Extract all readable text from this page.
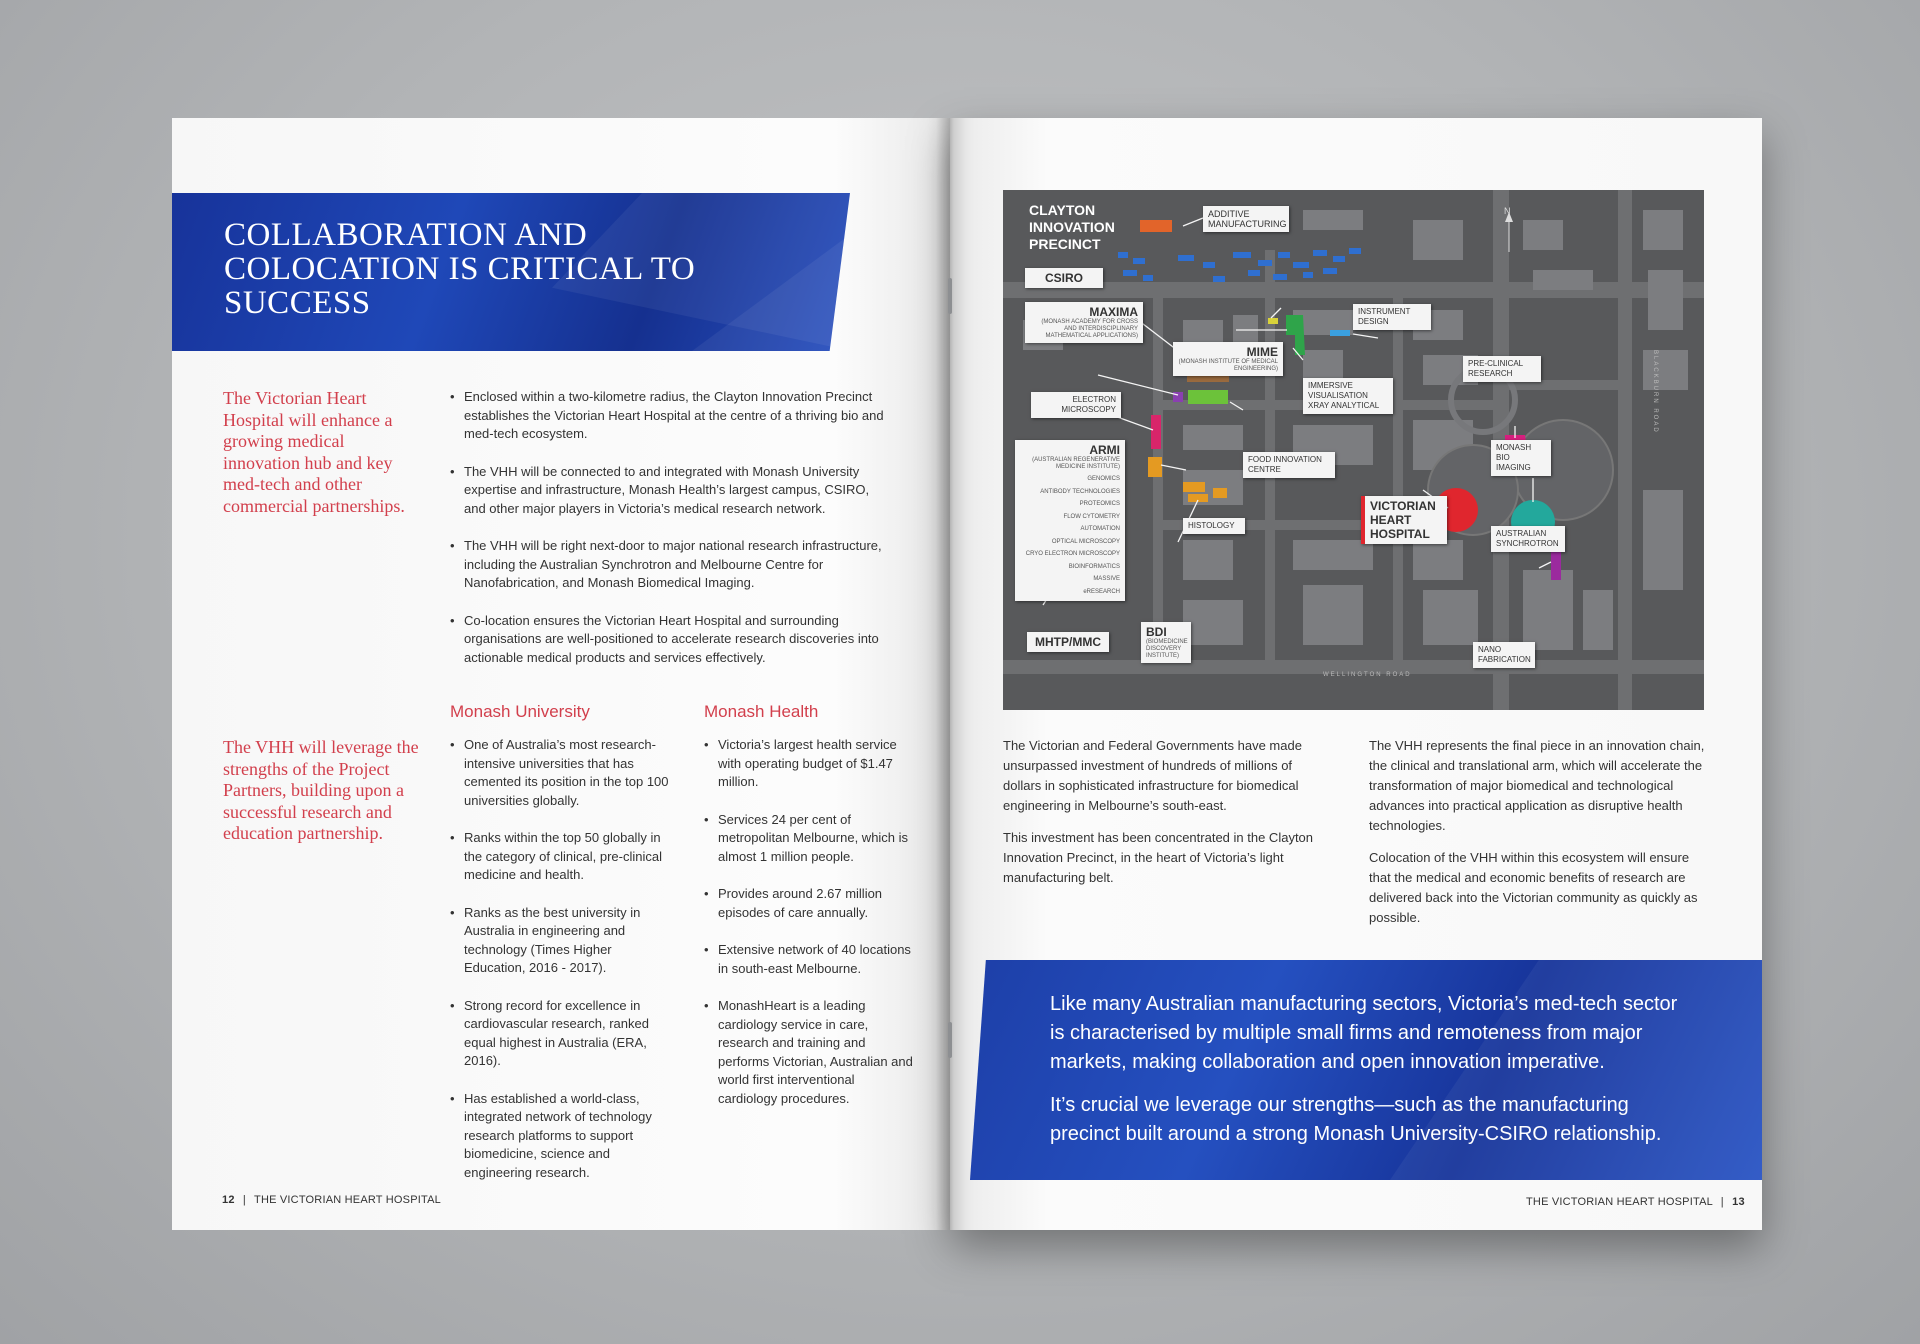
COLLABORATION AND COLOCATION IS CRITICAL TO SUCCESS
The Victorian Heart Hospital will enhance a growing medical innovation hub and key med-tech and other commercial partnerships.
The VHH will leverage the strengths of the Project Partners, building upon a successful research and education partnership.
• Enclosed within a two-kilometre radius, the Clayton Innovation Precinct establishes the Victorian Heart Hospital at the centre of a thriving bio and med-tech ecosystem.
• The VHH will be connected to and integrated with Monash University expertise and infrastructure, Monash Health’s largest campus, CSIRO, and other major players in Victoria’s medical research network.
• The VHH will be right next-door to major national research infrastructure, including the Australian Synchrotron and Melbourne Centre for Nanofabrication, and Monash Biomedical Imaging.
• Co-location ensures the Victorian Heart Hospital and surrounding organisations are well-positioned to accelerate research discoveries into actionable medical products and services effectively.
Monash University	Monash Health
• One of Australia’s most research-intensive universities that has cemented its position in the top 100 universities globally.
• Ranks within the top 50 globally in the category of clinical, pre-clinical medicine and health.
• Ranks as the best university in Australia in engineering and technology (Times Higher Education, 2016 - 2017).
• Strong record for excellence in cardiovascular research, ranked equal highest in Australia (ERA, 2016).
• Has established a world-class, integrated network of technology research platforms to support biomedicine, science and engineering research.
• Victoria’s largest health service with operating budget of $1.47 million.
• Services 24 per cent of metropolitan Melbourne, which is almost 1 million people.
• Provides around 2.67 million episodes of care annually.
• Extensive network of 40 locations in south-east Melbourne.
• MonashHeart is a leading cardiology service in care, research and training and performs Victorian, Australian and world first interventional cardiology procedures.
12 | THE VICTORIAN HEART HOSPITAL
CLAYTON INNOVATION PRECINCT
N
WELLINGTON ROAD
BLACKBURN ROAD
CSIRO
ADDITIVE MANUFACTURING
MAXIMA
(MONASH ACADEMY FOR CROSS AND INTERDISCIPLINARY MATHEMATICAL APPLICATIONS)
MIME
(MONASH INSTITUTE OF MEDICAL ENGINEERING)
INSTRUMENT DESIGN
PRE-CLINICAL RESEARCH
IMMERSIVE VISUALISATION XRAY ANALYTICAL
ELECTRON MICROSCOPY
FOOD INNOVATION CENTRE
ARMI
(AUSTRALIAN REGENERATIVE MEDICINE INSTITUTE)
GENOMICS
ANTIBODY TECHNOLOGIES
PROTEOMICS
FLOW CYTOMETRY
AUTOMATION
OPTICAL MICROSCOPY
CRYO ELECTRON MICROSCOPY
BIOINFORMATICS
MASSIVE
eRESEARCH
HISTOLOGY
VICTORIAN HEART HOSPITAL
MONASH BIO IMAGING
AUSTRALIAN SYNCHROTRON
MHTP/MMC
BDI
(BIOMEDICINE DISCOVERY INSTITUTE)
NANO FABRICATION

The Victorian and Federal Governments have made unsurpassed investment of hundreds of millions of dollars in sophisticated infrastructure for biomedical engineering in Melbourne’s south-east.

This investment has been concentrated in the Clayton Innovation Precinct, in the heart of Victoria’s light manufacturing belt.

The VHH represents the final piece in an innovation chain, the clinical and translational arm, which will accelerate the transformation of major biomedical and technological advances into practical application as disruptive health technologies.

Colocation of the VHH within this ecosystem will ensure that the medical and economic benefits of research are delivered back into the Victorian community as quickly as possible.

Like many Australian manufacturing sectors, Victoria’s med-tech sector is characterised by multiple small firms and remoteness from major markets, making collaboration and open innovation imperative.

It’s crucial we leverage our strengths—such as the manufacturing precinct built around a strong Monash University-CSIRO relationship.

THE VICTORIAN HEART HOSPITAL | 13
